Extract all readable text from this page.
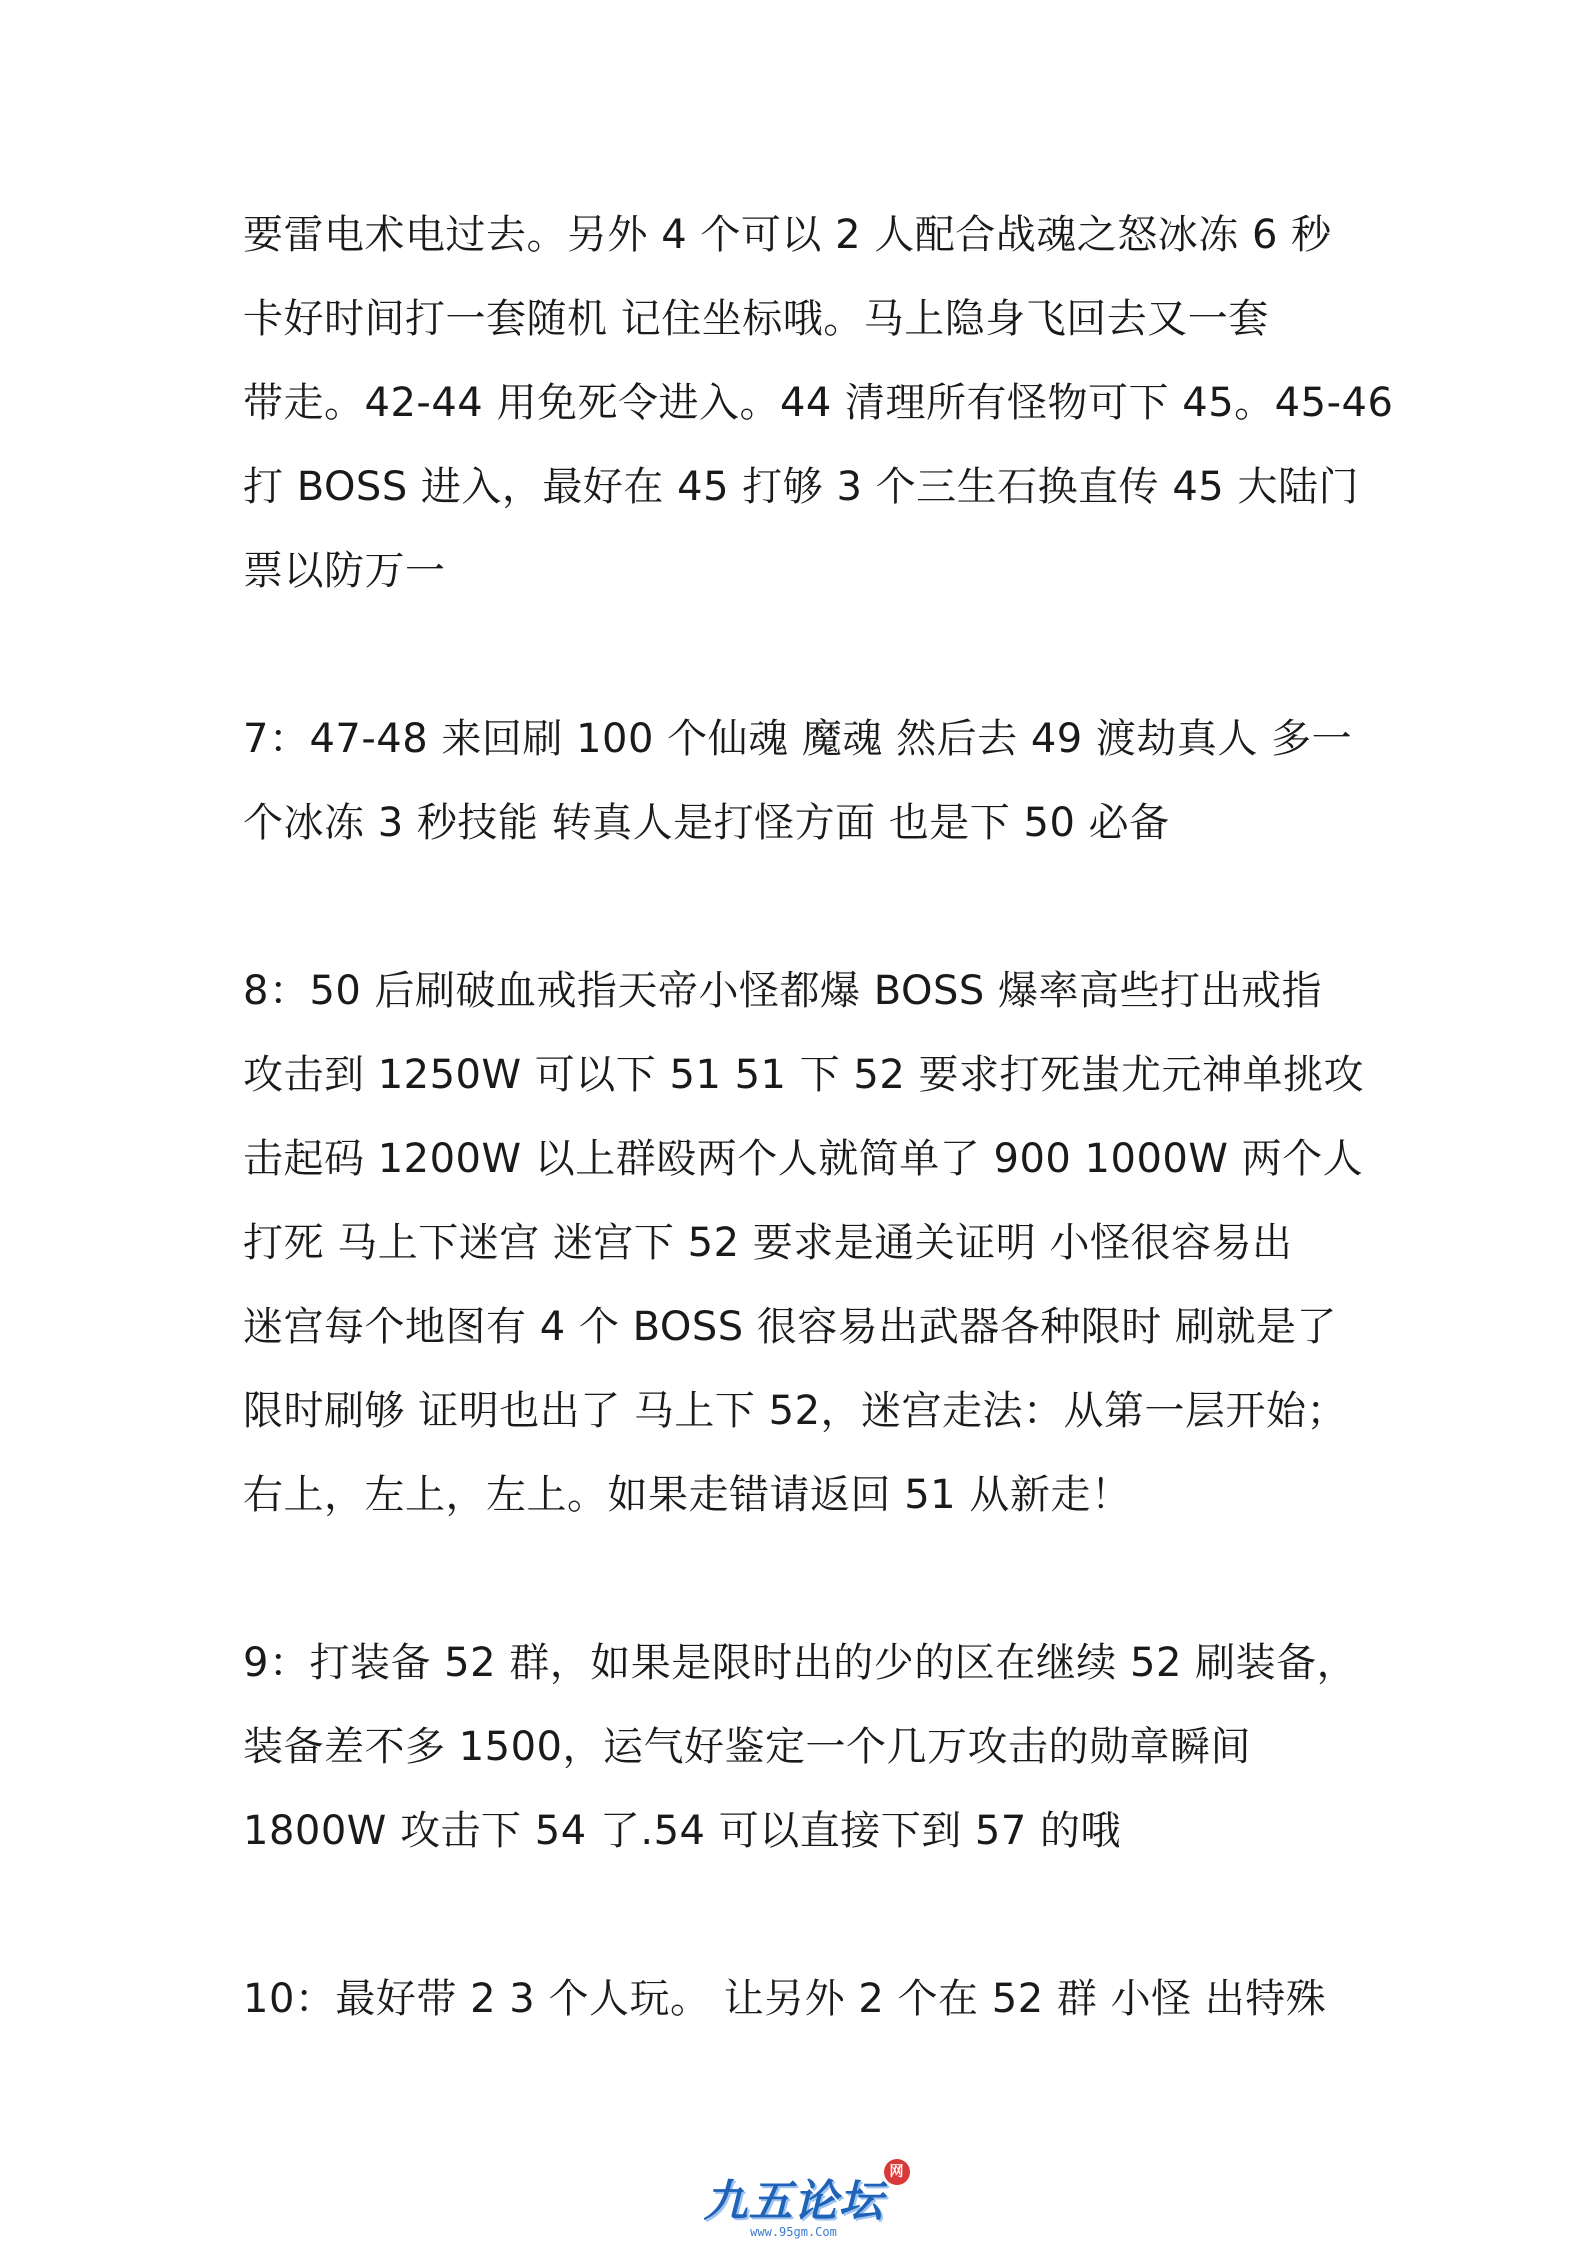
要雷电术电过去。另外 4 个可以 2 人配合战魂之怒冰冻 6 秒
卡好时间打一套随机 记住坐标哦。马上隐身飞回去又一套
带走。42-44 用免死令进入。44 清理所有怪物可下 45。45-46
打 BOSS 进入，最好在 45 打够 3 个三生石换直传 45 大陆门
票以防万一
7：47-48 来回刷 100 个仙魂 魔魂 然后去 49 渡劫真人 多一
个冰冻 3 秒技能 转真人是打怪方面 也是下 50 必备
8：50 后刷破血戒指天帝小怪都爆 BOSS 爆率高些打出戒指
攻击到 1250W 可以下 51 51 下 52 要求打死蚩尤元神单挑攻
击起码 1200W 以上群殴两个人就简单了 900 1000W 两个人
打死 马上下迷宫 迷宫下 52 要求是通关证明 小怪很容易出
迷宫每个地图有 4 个 BOSS 很容易出武器各种限时 刷就是了
限时刷够 证明也出了 马上下 52，迷宫走法：从第一层开始；
右上，左上，左上。如果走错请返回 51 从新走！
9：打装备 52 群，如果是限时出的少的区在继续 52 刷装备，
装备差不多 1500，运气好鉴定一个几万攻击的勋章瞬间
1800W 攻击下 54 了.54 可以直接下到 57 的哦
10：最好带 2 3 个人玩。 让另外 2 个在 52 群 小怪 出特殊
九五论坛
网
www.95gm.Com
